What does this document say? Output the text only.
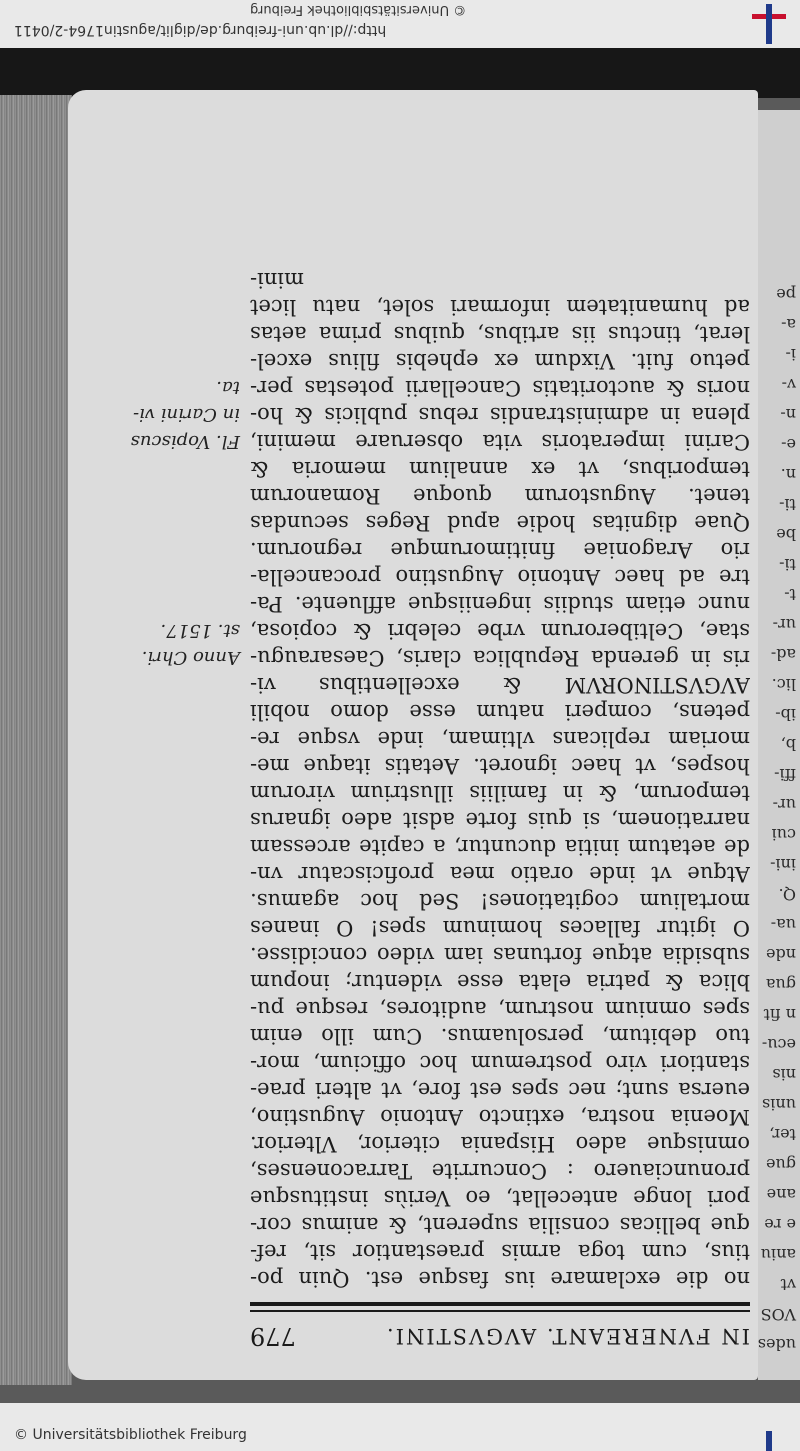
http://dl.ub.uni-freiburg.de/diglit/agustin1764-2/0411
© Universitätsbibliothek Freiburg
udes
VOS
vt
aniu
e re
ane
gue
ter,
unis
nis
ecu-
n fit
gua
nde
ua-
Q.
ini-
cui
ur-
ffi-
b,
ib-
lic.
ad-
ur-
t-
ti-
be
ti-
n.
e-
n-
v-
i-
a-
pe
IN FVNEREANT. AVGVSTINI.
779
no die exclamare ius fasque est. Quin po-
tius, cum toga armis praestantior sit, ref-
que bellicas consilia superent, & animus cor-
pori longe antecellat, eo Veriùs institusque
pronunciauero : Concurrite Tarraconenses,
omnisque adeo Hispania citerior, Vlterior.
Moenia nostra, extincto Antonio Augustino,
euersa sunt; nec spes est fore, vt alteri prae-
stantiori viro postremum hoc officium, mor-
tuo debitum, persoluamus. Cum illo enim
spes omnium nostrum, auditores, resque pu-
blica & patria elata esse videntur; inopum
subsidia atque fortunas iam video concidisse.
O igitur fallaces hominum spes! O inanes
mortalium cogitationes! Sed hoc agamus.
Atque vt inde oratio mea proficiscatur vn-
de aetatum initia ducuntur, a capite arcessam
narrationem, si quis forte adsit adeo ignarus
temporum, & in familiis illustrium virorum
hospes, vt haec ignoret. Aetatis itaque me-
moriam replicans vltimam, inde vsque re-
petens, comperi natum esse domo nobili
AVGVSTINORVM & excellentibus vi-
ris in gerenda Republica claris, Caesaraugu-
stae, Celtiberorum vrbe celebri & copiosa,
nunc etiam studiis ingeniisque affluente. Pa-
tre ad haec Antonio Augustino procancella-
rio Aragoniae finitimorumque regnorum.
Quae dignitas hodie apud Reges secundas
tenet. Augustorum quoque Romanorum
temporibus, vt ex annalium memoria &
Carini imperatoris vita obseruare memini,
plena in administrandis rebus publicis & ho-
noris & auctoritatis Cancellarii potestas per-
petuo fuit. Vixdum ex ephebis filius excel-
lerat, tinctus iis artibus, quibus prima aetas
ad humanitatem informari solet, natu licet
mini-
Anno Chri.
st. 1517.
Fl. Vopiscus
in Carini vi-
ta.
© Universitätsbibliothek Freiburg
